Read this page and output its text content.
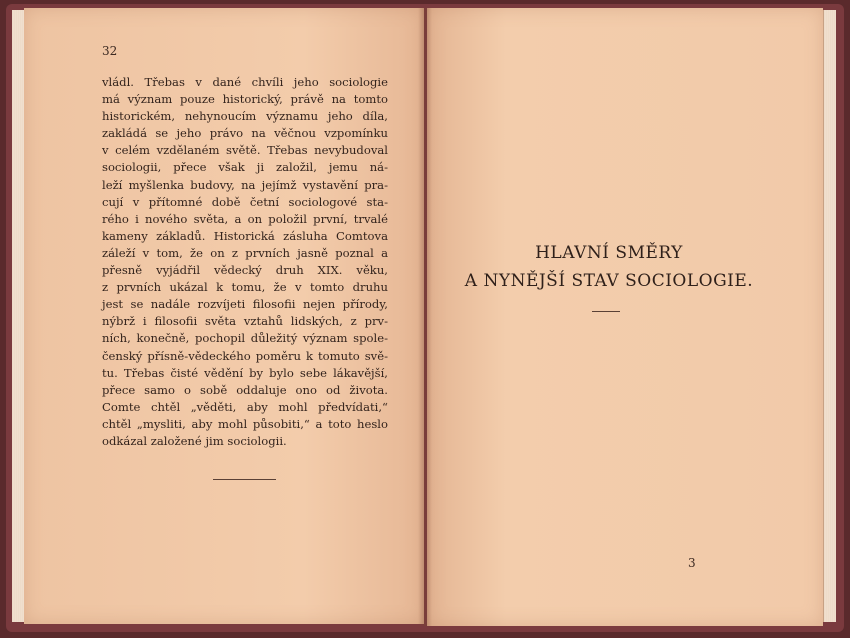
32
vládl. Třebas v dané chvíli jeho sociologie
má význam pouze historický, právě na tomto
historickém, nehynoucím významu jeho díla,
zakládá se jeho právo na věčnou vzpomínku
v celém vzdělaném světě. Třebas nevybudoval
sociologii, přece však ji založil, jemu ná-
leží myšlenka budovy, na jejímž vystavění pra-
cují v přítomné době četní sociologové sta-
rého i nového světa, a on položil první, trvalé
kameny základů. Historická zásluha Comtova
záleží v tom, že on z prvních jasně poznal a
přesně vyjádřil vědecký druh XIX. věku,
z prvních ukázal k tomu, že v tomto druhu
jest se nadále rozvíjeti filosofii nejen přírody,
nýbrž i filosofii světa vztahů lidských, z prv-
ních, konečně, pochopil důležitý význam spole-
čenský přísně-vědeckého poměru k tomuto svě-
tu. Třebas čisté vědění by bylo sebe lákavější,
přece samo o sobě oddaluje ono od života.
Comte chtěl „věděti, aby mohl předvídati,“
chtěl „mysliti, aby mohl působiti,“ a toto heslo
odkázal založené jim sociologii.
HLAVNÍ SMĚRY
A NYNĚJŠÍ STAV SOCIOLOGIE.
3
